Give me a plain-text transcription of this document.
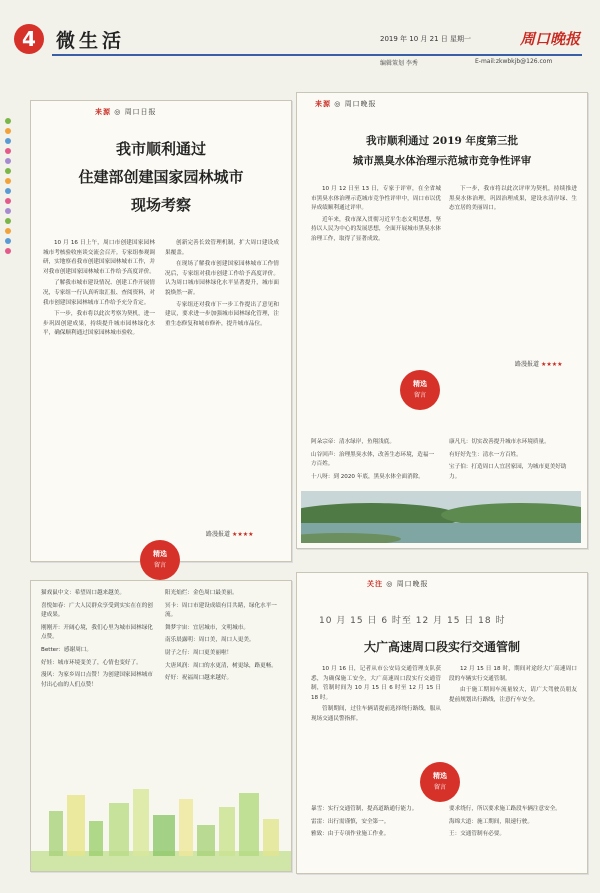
4	微生活	2019 年 10 月 21 日 星期一	周口晚报
编辑策划 李秀	E-mail:zkwbkjb@126.com
来源 ◎ 周口日报
我市顺利通过
住建部创建国家园林城市
现场考察

10 月 16 日上午，周口市创建国家园林城市考核验收座谈交流会召开。专家组参观调研，实地察看我市创建国家园林城市工作，并对我市创建国家园林城市工作给予高度评价。

了解我市城市建设情况、创建工作开展情况，专家组一行认真听取汇报、查阅资料，对我市创建国家园林城市工作给予充分肯定。

下一步，我市将以此次考察为契机，进一步巩固创建成果，持续提升城市园林绿化水平，确保顺利通过国家园林城市验收。

创新完善长效管理机制，扩大周口建设成果覆盖。

在现场了解我市创建国家园林城市工作情况后，专家组对我市创建工作给予高度评价。认为周口城市园林绿化水平显著提升，城市面貌焕然一新。

专家组还对我市下一步工作提出了意见和建议，要求进一步加强城市园林绿化管理，注重生态修复和城市修补，提升城市品位。

路漫报道 ★★★★
精选
留言
猫戏鼠中文：希望周口越来越美。
喜悦如春：广大人民群众享受到实实在在的创建成果。
刚刚开：开阔心境，我们心里为城市园林绿化点赞。
Better：感谢周口。
好娃：城市环境变美了，心情也变好了。
漫风：为家乡周口点赞！为创建国家园林城市付出心血的人们点赞！
阳光灿烂：金色周口最美丽。
冥卡：周口市建设成绩有目共睹，绿化水平一流。
舞梦宇宙：宜居城市，文明城市。
南乐晨露明：周口美，周口人更美。
尉子之行：周口更美丽啦！
大唐风润：周口的水更清，树更绿，路更畅。
好好：祝福周口越来越好。
来源 ◎ 周口晚报
我市顺利通过 2019 年度第三批
城市黑臭水体治理示范城市竞争性评审

10 月 12 日至 13 日，专家于评审，在全省城市黑臭水体治理示范城市竞争性评审中，周口市以优异成绩顺利通过评审。

近年来，我市深入贯彻习近平生态文明思想，坚持以人民为中心的发展思想，全面开展城市黑臭水体治理工作，取得了显著成效。

下一步，我市将以此次评审为契机，持续推进黑臭水体治理，巩固治理成果，建设水清岸绿、生态宜居的美丽周口。

路漫报道 ★★★★
阿朵宗帝：清水绿岸，鱼翔浅底。
山谷回声：治理黑臭水体，改善生态环境，造福一方百姓。
十八呀：到 2020 年底，黑臭水体全面消除。
康凡凡：切实改善提升城市水环境质量。
有好好先生：清水一方百姓。
宝子伯：打造周口人宜居家园，为城市更美好助力。
精选
留言
关注 ◎ 周口晚报
10 月 15 日 6 时至 12 月 15 日 18 时
大广高速周口段实行交通管制

10 月 16 日，记者从市公安局交通管理支队获悉，为确保施工安全，大广高速周口段实行交通管制，管制时间为 10 月 15 日 6 时至 12 月 15 日 18 时。

管制期间，过往车辆请提前选择绕行路线，服从现场交通民警指挥。

12 月 15 日 18 时，期间对途经大广高速周口段的车辆实行交通管制。

由于施工期间车流量较大，请广大驾驶员朋友提前规划出行路线，注意行车安全。

暴雪：实行交通管制，提高道路通行能力。
雷雷：出行需谨慎，安全第一。
雅致：由于专项作业施工作业。
要求绕行，所以要求施工路段车辆注意安全。
海绵大道：施工期间，限速行驶。
王：交通管制有必要。
精选
留言
